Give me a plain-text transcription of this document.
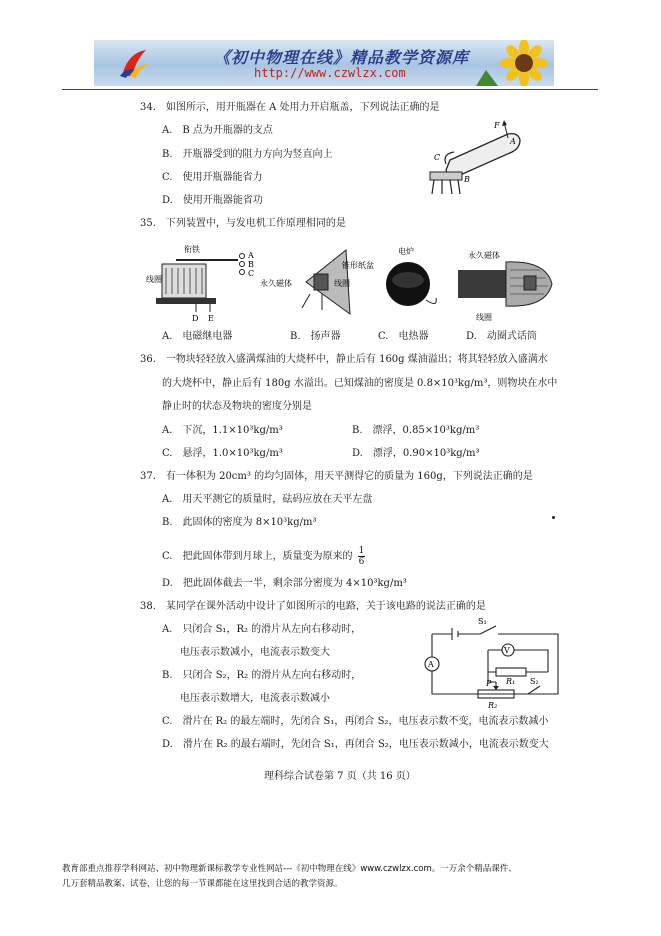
《初中物理在线》精品教学资源库
http://www.czwlzx.com
34.　如图所示，用开瓶器在 A 处用力开启瓶盖，下列说法正确的是
A.　B 点为开瓶器的支点
B.　开瓶器受到的阻力方向为竖直向上
C.　使用开瓶器能省力
D.　使用开瓶器能省功
F
A
C
B
35.　下列装置中，与发电机工作原理相同的是
衔铁
A
B
C
线圈
D E
锥形纸盆
永久磁体	线圈
电炉	永久磁体
线圈
A.　电磁继电器	B.　扬声器	C.　电热器	D.　动圈式话筒
36.　一物块轻轻放入盛满煤油的大烧杯中，静止后有 160g 煤油溢出；将其轻轻放入盛满水
的大烧杯中，静止后有 180g 水溢出。已知煤油的密度是 0.8×10³kg/m³，则物块在水中
静止时的状态及物块的密度分别是
A.　下沉，1.1×10³kg/m³	B.　漂浮，0.85×10³kg/m³
C.　悬浮，1.0×10³kg/m³	D.　漂浮，0.90×10³kg/m³
37.　有一体积为 20cm³ 的均匀固体，用天平测得它的质量为 160g，下列说法正确的是
A.　用天平测它的质量时，砝码应放在天平左盘
B.　此固体的密度为 8×10³kg/m³
C.　把此固体带到月球上，质量变为原来的 $\frac{1}{6}$
D.　把此固体截去一半，剩余部分密度为 4×10³kg/m³
38.　某同学在课外活动中设计了如图所示的电路，关于该电路的说法正确的是
A.　只闭合 S₁，R₂ 的滑片从左向右移动时，
电压表示数减小，电流表示数变大
B.　只闭合 S₂，R₂ 的滑片从左向右移动时，
电压表示数增大，电流表示数减小
C.　滑片在 R₂ 的最左端时，先闭合 S₁，再闭合 S₂，电压表示数不变，电流表示数减小
D.　滑片在 R₂ 的最右端时，先闭合 S₁，再闭合 S₂，电压表示数减小，电流表示数变大
S₁
V
A
R₁
P	S₂
R₂
理科综合试卷第 7 页（共 16 页）
教育部重点推荐学科网站、初中物理新课标教学专业性网站---《初中物理在线》www.czwlzx.com。一万余个精品课件、
几万套精品教案、试卷，让您的每一节课都能在这里找到合适的教学资源。
